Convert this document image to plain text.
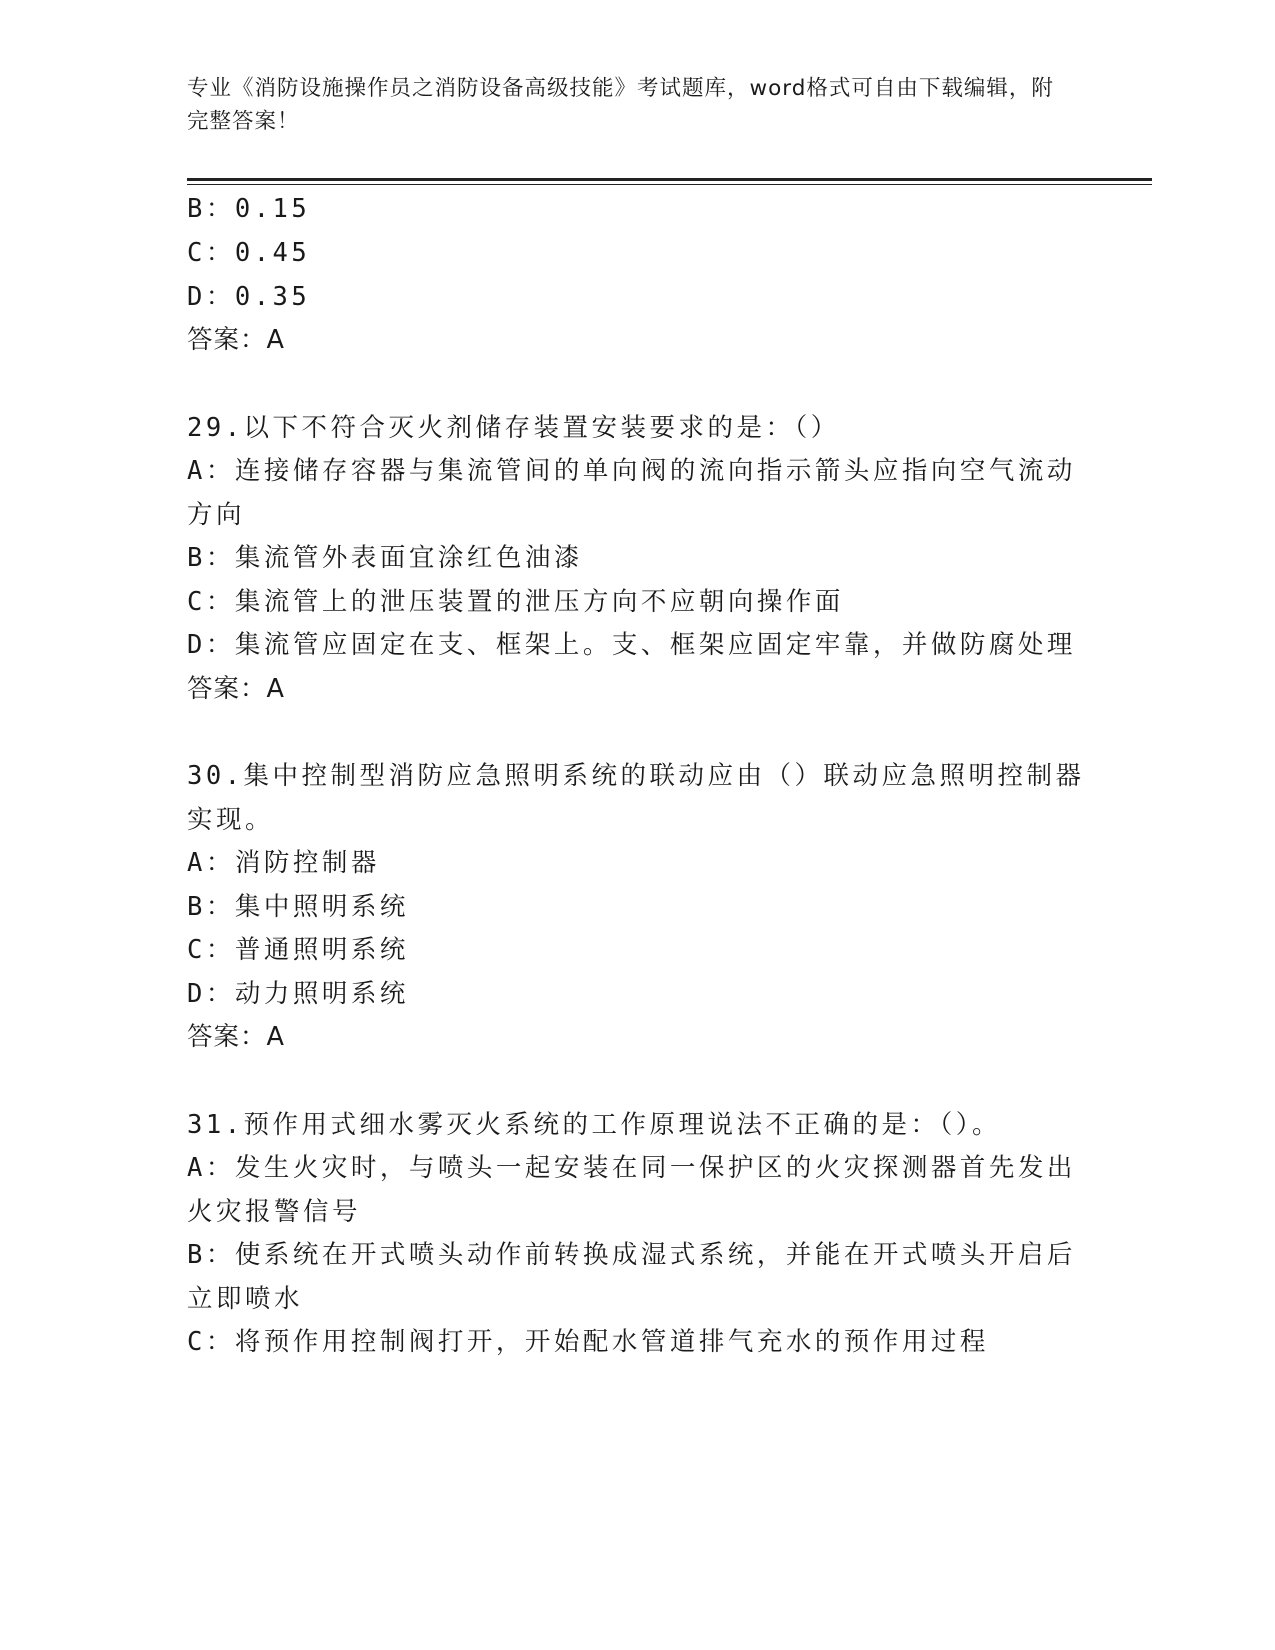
专业《消防设施操作员之消防设备高级技能》考试题库，word格式可自由下载编辑，附完整答案！
B：0.15
C：0.45
D：0.35
答案：A
29.以下不符合灭火剂储存装置安装要求的是：（）
A：连接储存容器与集流管间的单向阀的流向指示箭头应指向空气流动
方向
B：集流管外表面宜涂红色油漆
C：集流管上的泄压装置的泄压方向不应朝向操作面
D：集流管应固定在支、框架上。支、框架应固定牢靠，并做防腐处理
答案：A
30.集中控制型消防应急照明系统的联动应由（）联动应急照明控制器
实现。
A：消防控制器
B：集中照明系统
C：普通照明系统
D：动力照明系统
答案：A
31.预作用式细水雾灭火系统的工作原理说法不正确的是：（）。
A：发生火灾时，与喷头一起安装在同一保护区的火灾探测器首先发出
火灾报警信号
B：使系统在开式喷头动作前转换成湿式系统，并能在开式喷头开启后
立即喷水
C：将预作用控制阀打开，开始配水管道排气充水的预作用过程
